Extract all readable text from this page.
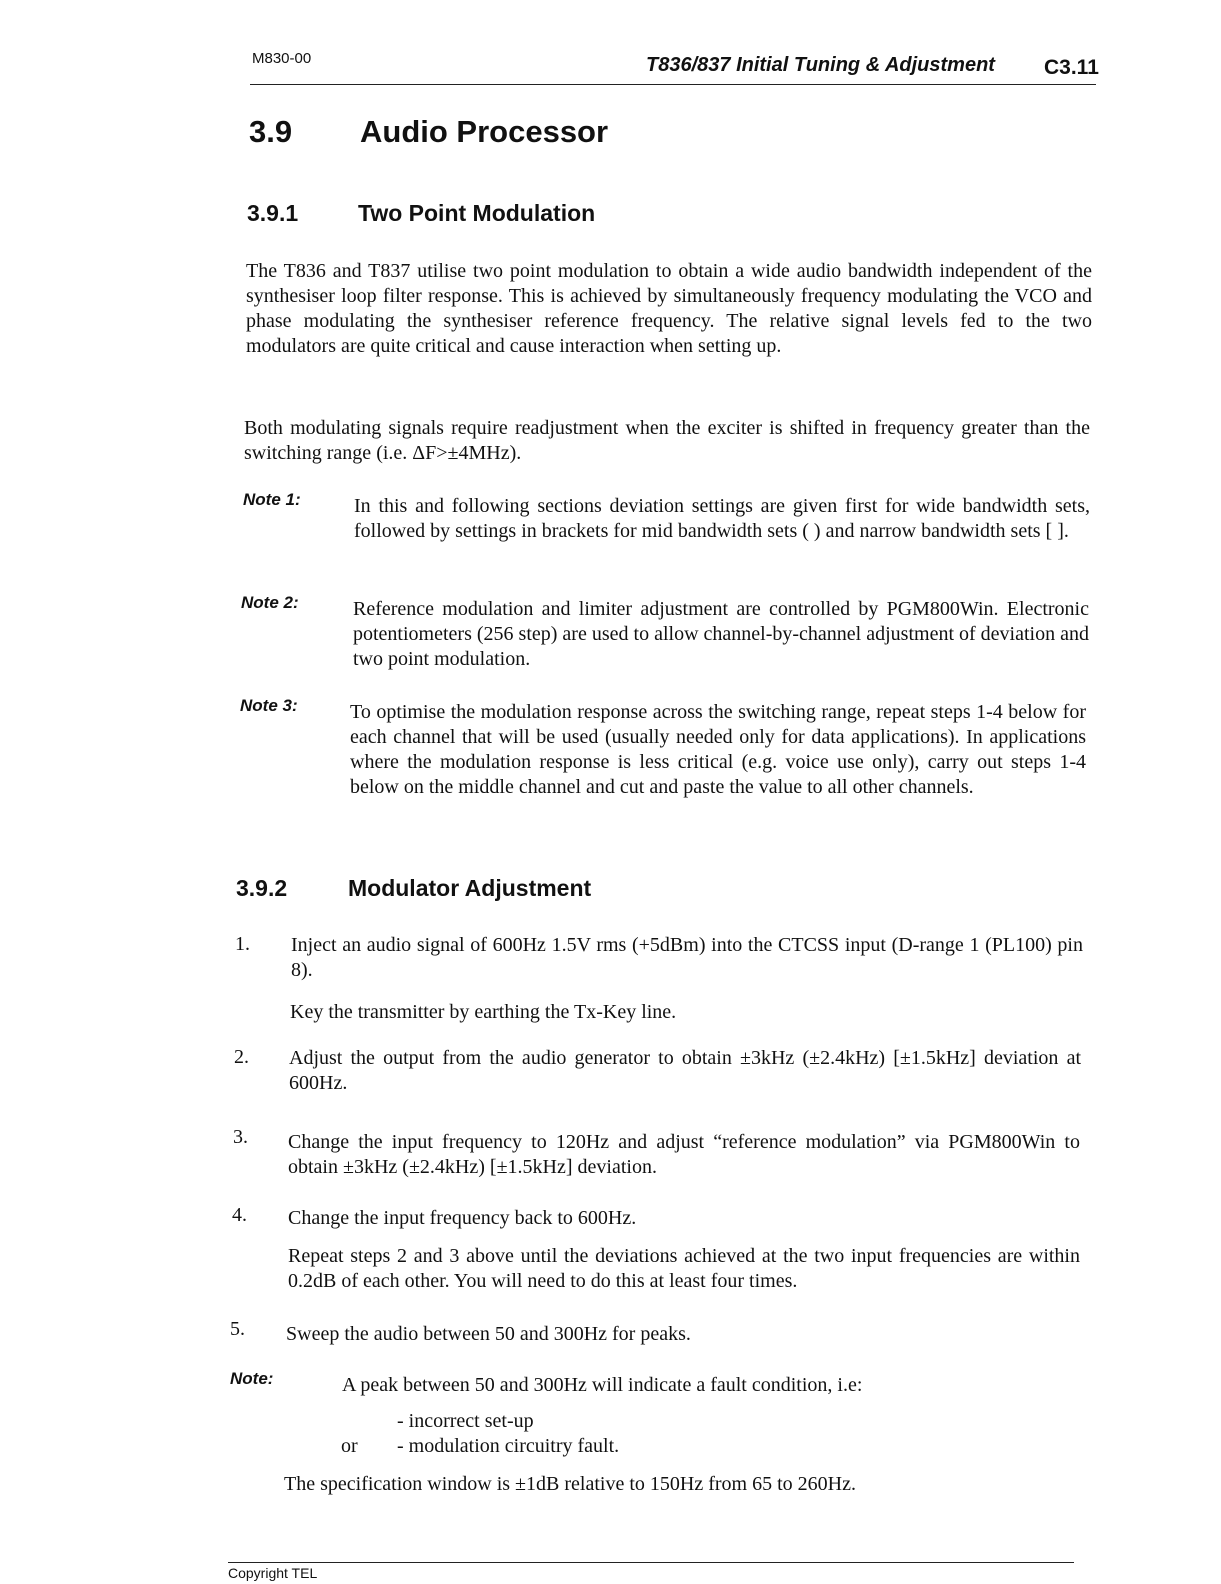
M830-00	T836/837 Initial Tuning & Adjustment C3.11
3.9 Audio Processor
3.9.1	Two Point Modulation
The T836 and T837 utilise two point modulation to obtain a wide audio bandwidth independent of the synthesiser loop filter response. This is achieved by simultaneously frequency modulating the VCO and phase modulating the synthesiser reference frequency. The relative signal levels fed to the two modulators are quite critical and cause interaction when setting up.
Both modulating signals require readjustment when the exciter is shifted in frequency greater than the switching range (i.e. ΔF>±4MHz).
Note 1:	In this and following sections deviation settings are given first for wide bandwidth sets, followed by settings in brackets for mid bandwidth sets ( ) and narrow bandwidth sets [ ].
Note 2:	Reference modulation and limiter adjustment are controlled by PGM800Win. Electronic potentiometers (256 step) are used to allow channel-by-channel adjustment of deviation and two point modulation.
Note 3:	To optimise the modulation response across the switching range, repeat steps 1-4 below for each channel that will be used (usually needed only for data applications). In applications where the modulation response is less critical (e.g. voice use only), carry out steps 1-4 below on the middle channel and cut and paste the value to all other channels.
3.9.2	Modulator Adjustment
1. Inject an audio signal of 600Hz 1.5V rms (+5dBm) into the CTCSS input (D-range 1 (PL100) pin 8).
Key the transmitter by earthing the Tx-Key line.
2. Adjust the output from the audio generator to obtain ±3kHz (±2.4kHz) [±1.5kHz] deviation at 600Hz.
3. Change the input frequency to 120Hz and adjust “reference modulation” via PGM800Win to obtain ±3kHz (±2.4kHz) [±1.5kHz] deviation.
4. Change the input frequency back to 600Hz.
Repeat steps 2 and 3 above until the deviations achieved at the two input frequencies are within 0.2dB of each other. You will need to do this at least four times.
5. Sweep the audio between 50 and 300Hz for peaks.
Note:	A peak between 50 and 300Hz will indicate a fault condition, i.e:
- incorrect set-up
or - modulation circuitry fault.
The specification window is ±1dB relative to 150Hz from 65 to 260Hz.
Copyright TEL
